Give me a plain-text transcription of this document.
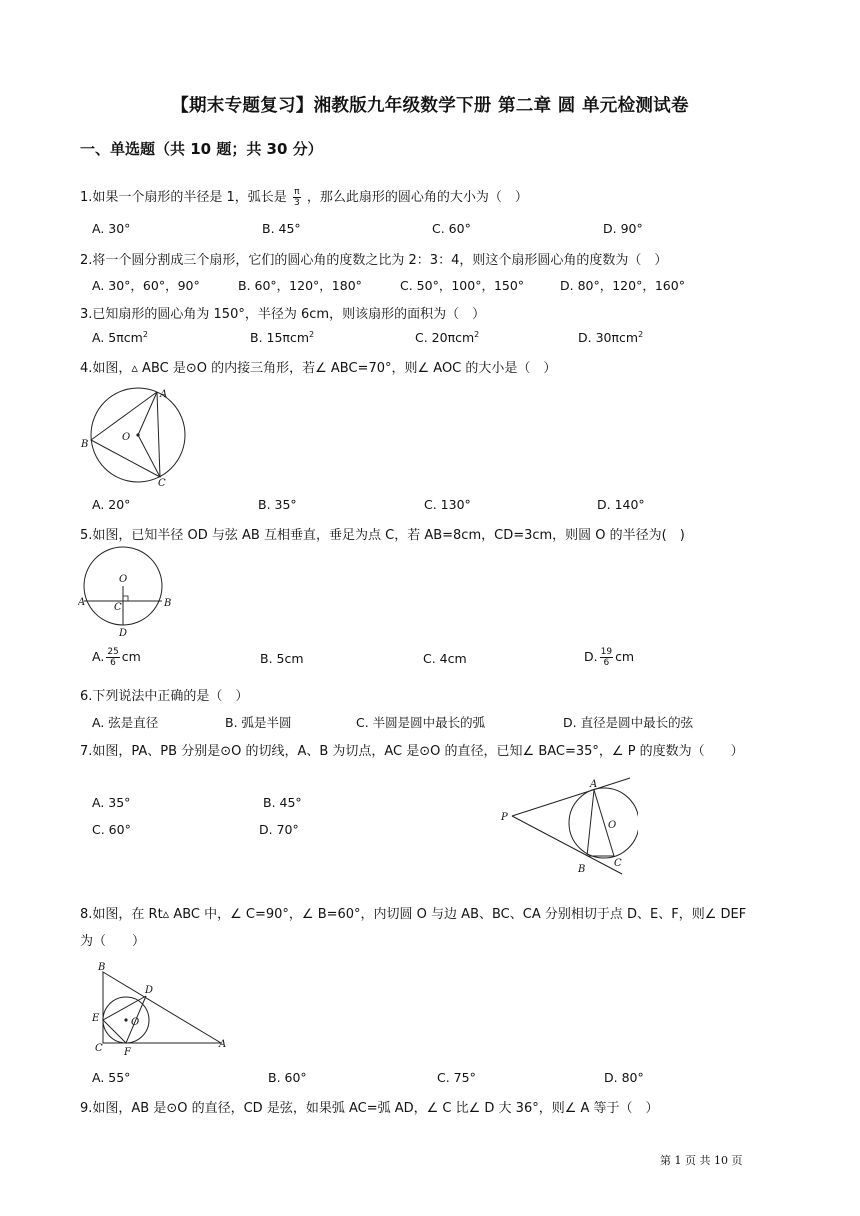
【期末专题复习】湘教版九年级数学下册 第二章 圆 单元检测试卷
一、单选题（共 10 题；共 30 分）
1.如果一个扇形的半径是 1，弧长是 $\frac{\pi}{3}$ ，那么此扇形的圆心角的大小为（　）
A. 30°	B. 45°	C. 60°	D. 90°
2.将一个圆分割成三个扇形，它们的圆心角的度数之比为 2：3：4，则这个扇形圆心角的度数为（　）
A. 30°，60°，90°	B. 60°，120°，180°	C. 50°，100°，150°	D. 80°，120°，160°
3.已知扇形的圆心角为 150°，半径为 6cm，则该扇形的面积为（　）
A. 5πcm$^2$	B. 15πcm$^2$	C. 20πcm$^2$	D. 30πcm$^2$
4.如图，▵ ABC 是⊙O 的内接三角形，若∠ ABC=70°，则∠ AOC 的大小是（　）
A
B
C
O
A. 20°	B. 35°	C. 130°	D. 140°
5.如图，已知半径 OD 与弦 AB 互相垂直，垂足为点 C，若 AB=8cm，CD=3cm，则圆 O 的半径为(　)
O
A	C	B
D
A. $\frac{25}{6}$ cm	B. 5cm	C. 4cm	D. $\frac{19}{6}$ cm
6.下列说法中正确的是（　）
A. 弦是直径	B. 弧是半圆	C. 半圆是圆中最长的弧	D. 直径是圆中最长的弦
7.如图，PA、PB 分别是⊙O 的切线，A、B 为切点，AC 是⊙O 的直径，已知∠ BAC=35°，∠ P 的度数为（　　）
A. 35°	B. 45°
C. 60°	D. 70°
A
P
O
B
C
8.如图，在 Rt▵ ABC 中，∠ C=90°，∠ B=60°，内切圆 O 与边 AB、BC、CA 分别相切于点 D、E、F，则∠ DEF
为（　　）
B
D
E	O
C F
A
A. 55°	B. 60°	C. 75°	D. 80°
9.如图，AB 是⊙O 的直径，CD 是弦，如果弧 AC=弧 AD，∠ C 比∠ D 大 36°，则∠ A 等于（　）
第 1 页 共 10 页
